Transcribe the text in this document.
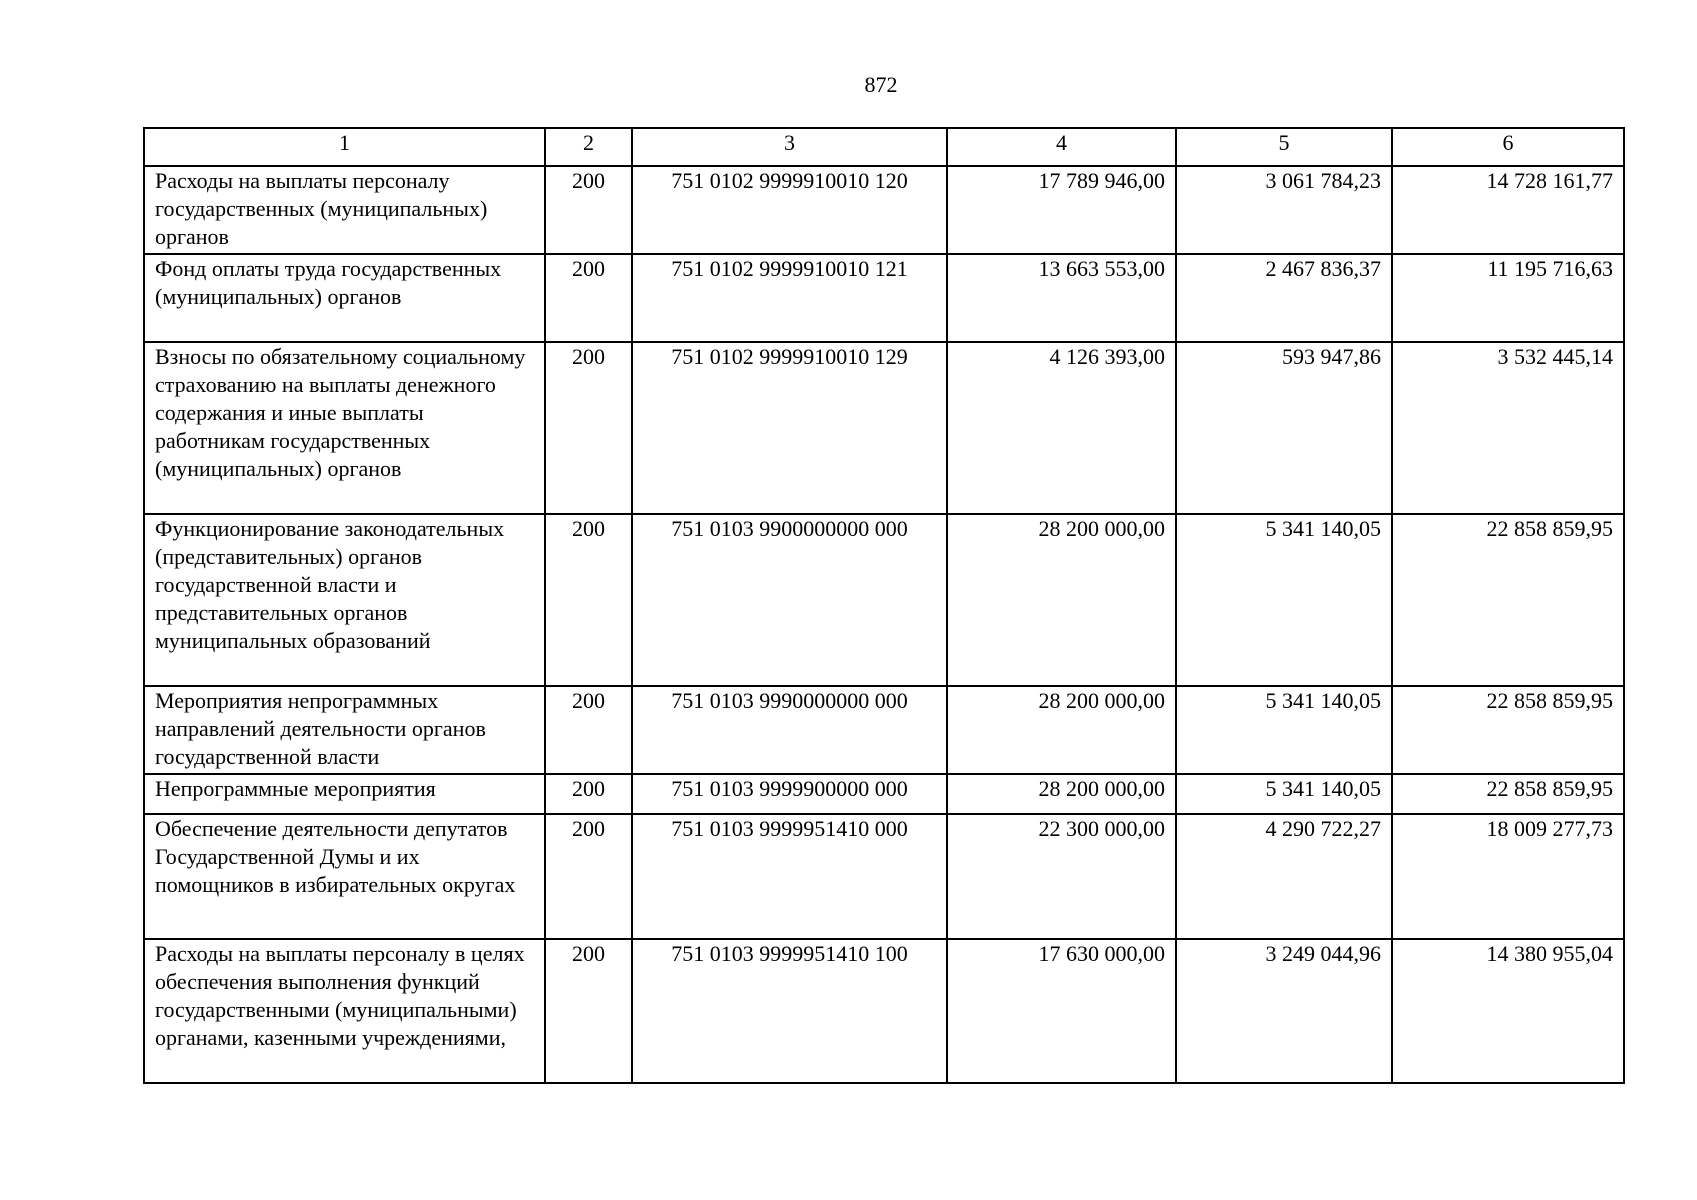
872
1	2	3	4	5	6
Расходы на выплаты персоналу государственных (муниципальных) органов	200	751 0102 9999910010 120	17 789 946,00	3 061 784,23	14 728 161,77
Фонд оплаты труда государственных (муниципальных) органов	200	751 0102 9999910010 121	13 663 553,00	2 467 836,37	11 195 716,63
Взносы по обязательному социальному страхованию на выплаты денежного содержания и иные выплаты работникам государственных (муниципальных) органов	200	751 0102 9999910010 129	4 126 393,00	593 947,86	3 532 445,14
Функционирование законодательных (представительных) органов государственной власти и представительных органов муниципальных образований	200	751 0103 9900000000 000	28 200 000,00	5 341 140,05	22 858 859,95
Мероприятия непрограммных направлений деятельности органов государственной власти	200	751 0103 9990000000 000	28 200 000,00	5 341 140,05	22 858 859,95
Непрограммные мероприятия	200	751 0103 9999900000 000	28 200 000,00	5 341 140,05	22 858 859,95
Обеспечение деятельности депутатов Государственной Думы и их помощников в избирательных округах	200	751 0103 9999951410 000	22 300 000,00	4 290 722,27	18 009 277,73
Расходы на выплаты персоналу в целях обеспечения выполнения функций государственными (муниципальными) органами, казенными учреждениями,	200	751 0103 9999951410 100	17 630 000,00	3 249 044,96	14 380 955,04
